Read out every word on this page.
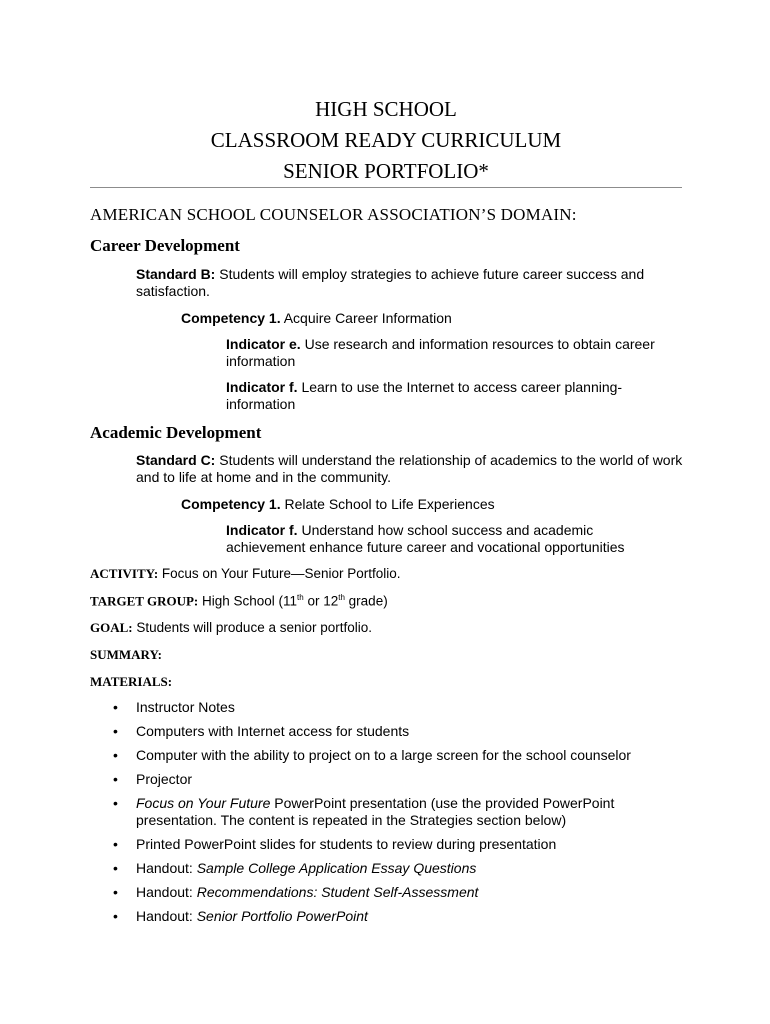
HIGH SCHOOL
CLASSROOM READY CURRICULUM
SENIOR PORTFOLIO*
AMERICAN SCHOOL COUNSELOR ASSOCIATION’S DOMAIN:
Career Development
Standard B: Students will employ strategies to achieve future career success and satisfaction.
Competency 1. Acquire Career Information
Indicator e. Use research and information resources to obtain career information
Indicator f. Learn to use the Internet to access career planning-information
Academic Development
Standard C: Students will understand the relationship of academics to the world of work and to life at home and in the community.
Competency 1. Relate School to Life Experiences
Indicator f. Understand how school success and academic achievement enhance future career and vocational opportunities
ACTIVITY: Focus on Your Future—Senior Portfolio.
TARGET GROUP: High School (11th or 12th grade)
GOAL: Students will produce a senior portfolio.
SUMMARY:
MATERIALS:
• Instructor Notes
• Computers with Internet access for students
• Computer with the ability to project on to a large screen for the school counselor
• Projector
• Focus on Your Future PowerPoint presentation (use the provided PowerPoint presentation. The content is repeated in the Strategies section below)
• Printed PowerPoint slides for students to review during presentation
• Handout: Sample College Application Essay Questions
• Handout: Recommendations: Student Self-Assessment
• Handout: Senior Portfolio PowerPoint
